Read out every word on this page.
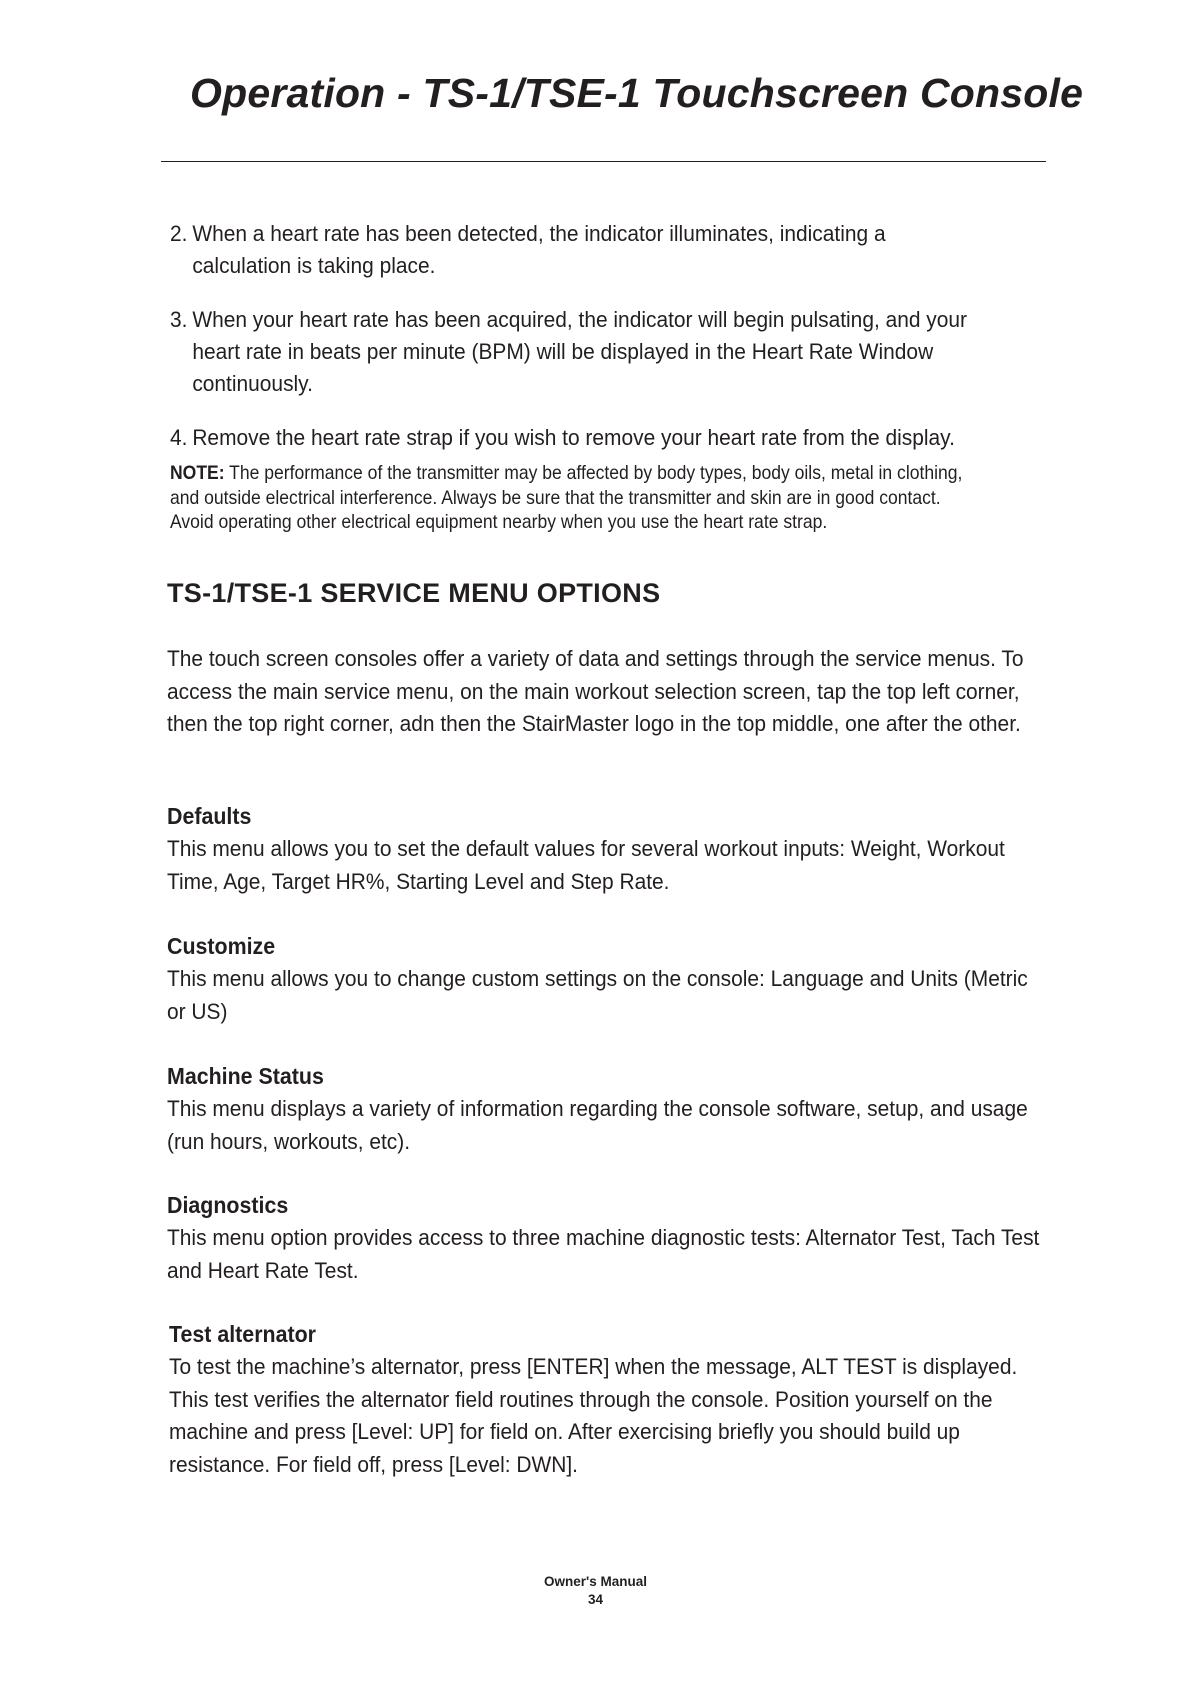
Operation - TS-1/TSE-1 Touchscreen Console
2. When a heart rate has been detected, the indicator illuminates, indicating a calculation is taking place.
3. When your heart rate has been acquired, the indicator will begin pulsating, and your heart rate in beats per minute (BPM) will be displayed in the Heart Rate Window continuously.
4. Remove the heart rate strap if you wish to remove your heart rate from the display.

NOTE: The performance of the transmitter may be affected by body types, body oils, metal in clothing, and outside electrical interference. Always be sure that the transmitter and skin are in good contact. Avoid operating other electrical equipment nearby when you use the heart rate strap.

TS-1/TSE-1 SERVICE MENU OPTIONS

The touch screen consoles offer a variety of data and settings through the service menus. To access the main service menu, on the main workout selection screen, tap the top left corner, then the top right corner, adn then the StairMaster logo in the top middle, one after the other.

Defaults

This menu allows you to set the default values for several workout inputs: Weight, Workout Time, Age, Target HR%, Starting Level and Step Rate.

Customize

This menu allows you to change custom settings on the console: Language and Units (Metric or US)

Machine Status

This menu displays a variety of information regarding the console software, setup, and usage (run hours, workouts, etc).

Diagnostics

This menu option provides access to three machine diagnostic tests: Alternator Test, Tach Test and Heart Rate Test.

Test alternator

To test the machine’s alternator, press [ENTER] when the message, ALT TEST is displayed. This test verifies the alternator field routines through the console. Position yourself on the machine and press [Level: UP] for field on. After exercising briefly you should build up resistance. For field off, press [Level: DWN].

Owner's Manual
34
